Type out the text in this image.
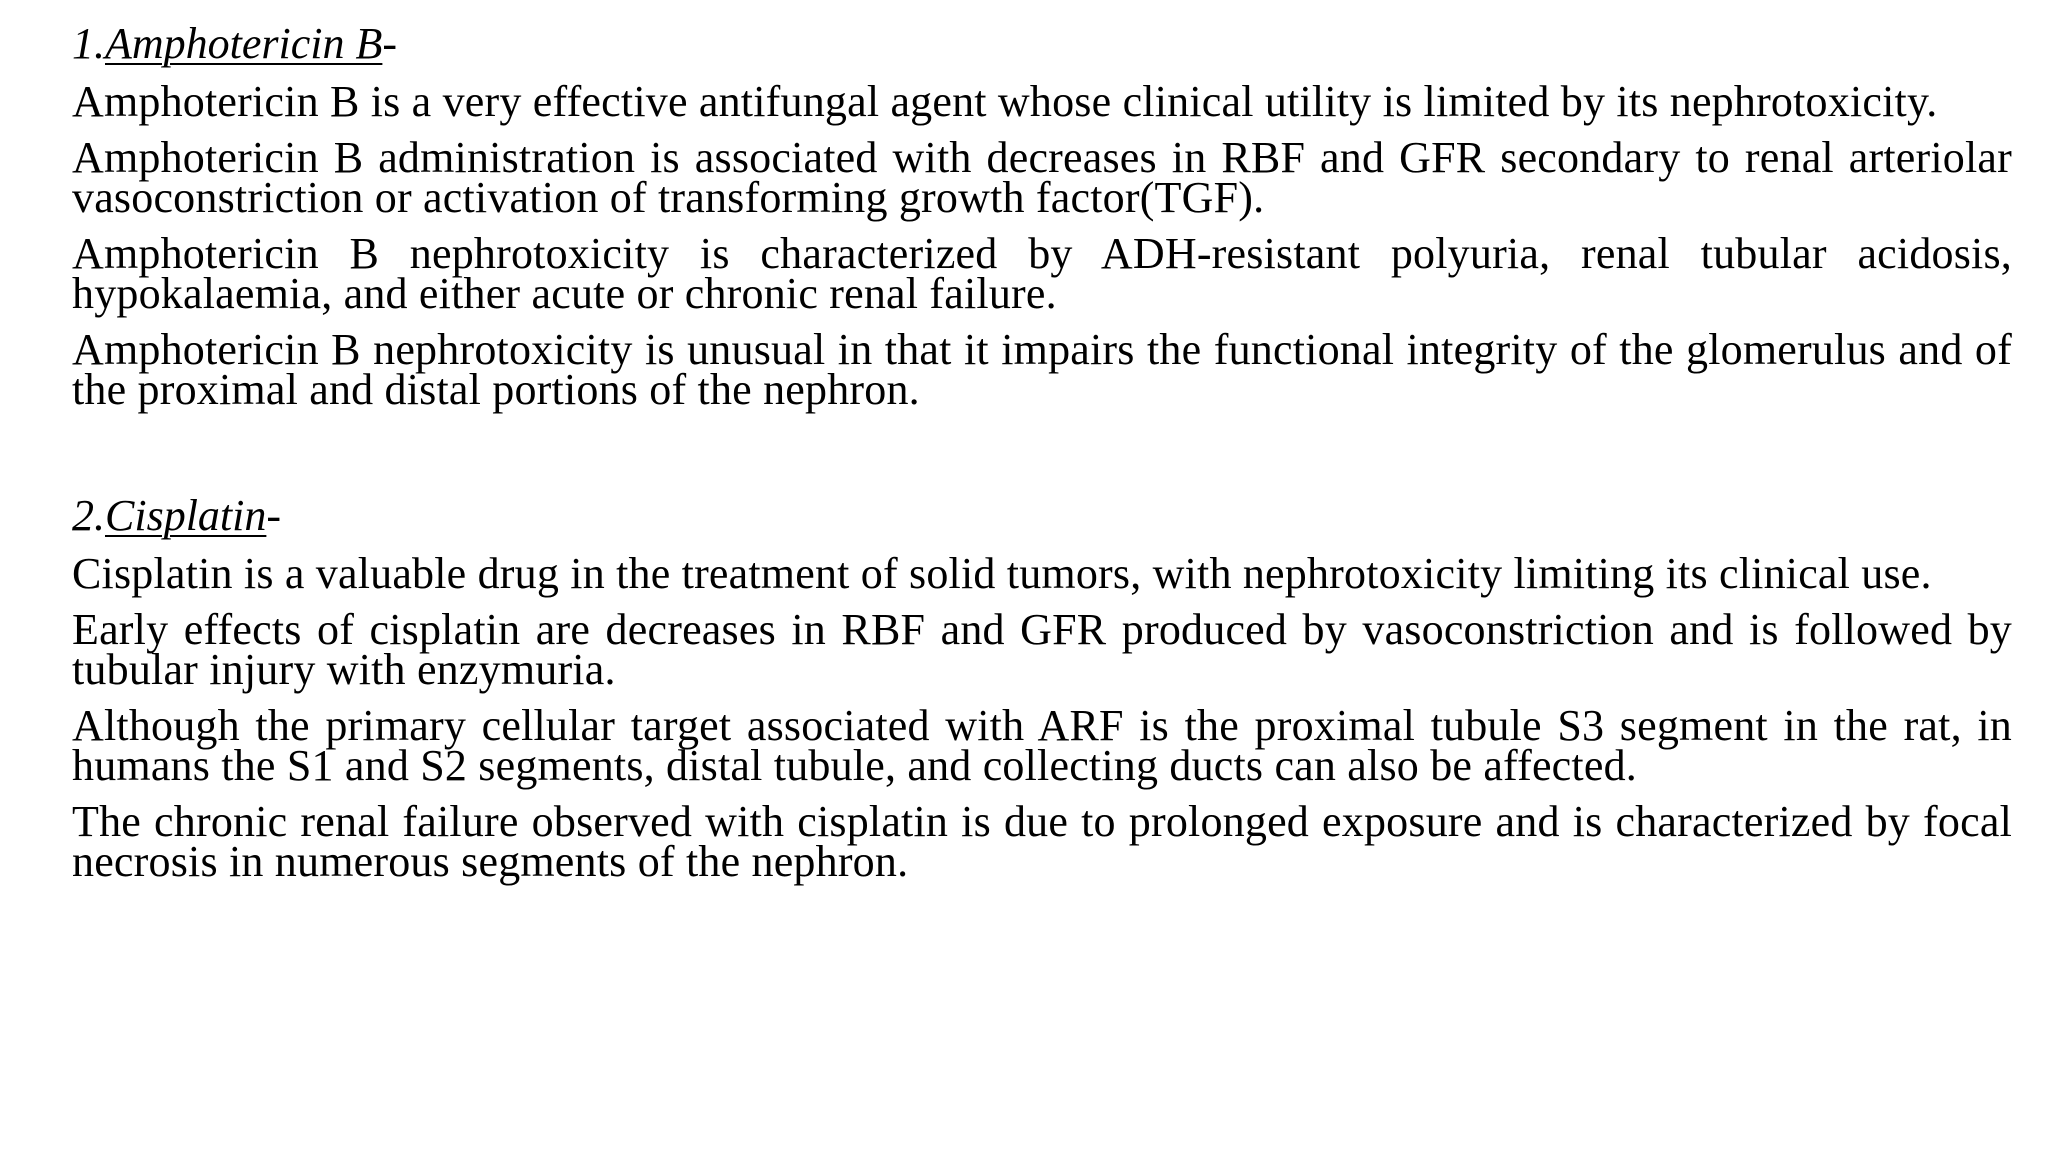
1.Amphotericin B-

Amphotericin B is a very effective antifungal agent whose clinical utility is limited by its nephrotoxicity.

Amphotericin B administration is associated with decreases in RBF and GFR secondary to renal arteriolar vasoconstriction or activation of transforming growth factor(TGF).

Amphotericin B nephrotoxicity is characterized by ADH-resistant polyuria, renal tubular acidosis, hypokalaemia, and either acute or chronic renal failure.

Amphotericin B nephrotoxicity is unusual in that it impairs the functional integrity of the glomerulus and of the proximal and distal portions of the nephron.

2.Cisplatin-

Cisplatin is a valuable drug in the treatment of solid tumors, with nephrotoxicity limiting its clinical use.

Early effects of cisplatin are decreases in RBF and GFR produced by vasoconstriction and is followed by tubular injury with enzymuria.

Although the primary cellular target associated with ARF is the proximal tubule S3 segment in the rat, in humans the S1 and S2 segments, distal tubule, and collecting ducts can also be affected.

The chronic renal failure observed with cisplatin is due to prolonged exposure and is characterized by focal necrosis in numerous segments of the nephron.
